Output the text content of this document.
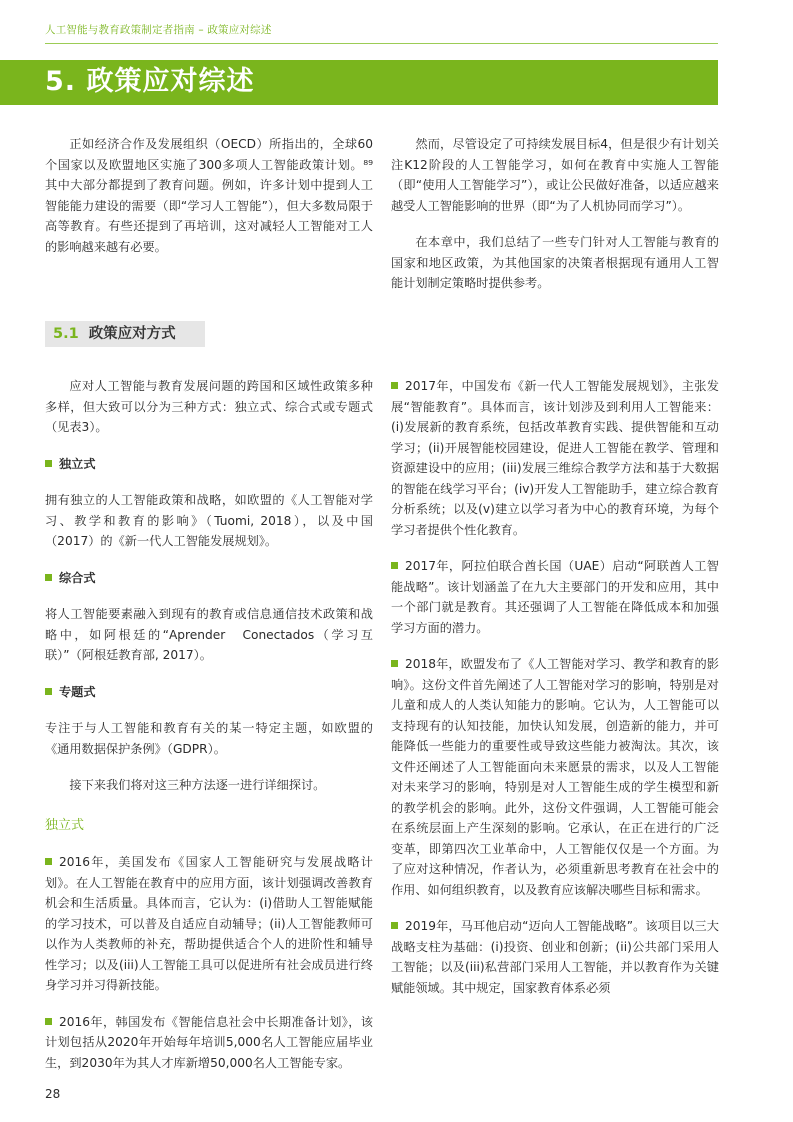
人工智能与教育政策制定者指南 – 政策应对综述
5. 政策应对综述

正如经济合作及发展组织（OECD）所指出的，全球60个国家以及欧盟地区实施了300多项人工智能政策计划。⁸⁹ 其中大部分都提到了教育问题。例如，许多计划中提到人工智能能力建设的需要（即“学习人工智能”），但大多数局限于高等教育。有些还提到了再培训，这对减轻人工智能对工人的影响越来越有必要。

然而，尽管设定了可持续发展目标4，但是很少有计划关注K12阶段的人工智能学习，如何在教育中实施人工智能（即“使用人工智能学习”），或让公民做好准备，以适应越来越受人工智能影响的世界（即“为了人机协同而学习”）。

在本章中，我们总结了一些专门针对人工智能与教育的国家和地区政策，为其他国家的决策者根据现有通用人工智能计划制定策略时提供参考。

5.1 政策应对方式

应对人工智能与教育发展问题的跨国和区域性政策多种多样，但大致可以分为三种方式：独立式、综合式或专题式（见表3）。

独立式

拥有独立的人工智能政策和战略，如欧盟的《人工智能对学习、教学和教育的影响》（Tuomi, 2018），以及中国（2017）的《新一代人工智能发展规划》。

综合式

将人工智能要素融入到现有的教育或信息通信技术政策和战略中，如阿根廷的“Aprender　Conectados（学习互联）”（阿根廷教育部, 2017）。

专题式

专注于与人工智能和教育有关的某一特定主题，如欧盟的《通用数据保护条例》（GDPR）。

接下来我们将对这三种方法逐一进行详细探讨。

独立式

2016年，美国发布《国家人工智能研究与发展战略计划》。在人工智能在教育中的应用方面，该计划强调改善教育机会和生活质量。具体而言，它认为：(i)借助人工智能赋能的学习技术，可以普及自适应自动辅导；(ii)人工智能教师可以作为人类教师的补充，帮助提供适合个人的进阶性和辅导性学习；以及(iii)人工智能工具可以促进所有社会成员进行终身学习并习得新技能。

2016年，韩国发布《智能信息社会中长期准备计划》，该计划包括从2020年开始每年培训5,000名人工智能应届毕业生，到2030年为其人才库新增50,000名人工智能专家。

2017年，中国发布《新一代人工智能发展规划》，主张发展“智能教育”。具体而言，该计划涉及到利用人工智能来：(i)发展新的教育系统，包括改革教育实践、提供智能和互动学习；(ii)开展智能校园建设，促进人工智能在教学、管理和资源建设中的应用；(iii)发展三维综合教学方法和基于大数据的智能在线学习平台；(iv)开发人工智能助手，建立综合教育分析系统；以及(v)建立以学习者为中心的教育环境，为每个学习者提供个性化教育。

2017年，阿拉伯联合酋长国（UAE）启动“阿联酋人工智能战略”。该计划涵盖了在九大主要部门的开发和应用，其中一个部门就是教育。其还强调了人工智能在降低成本和加强学习方面的潜力。

2018年，欧盟发布了《人工智能对学习、教学和教育的影响》。这份文件首先阐述了人工智能对学习的影响，特别是对儿童和成人的人类认知能力的影响。它认为，人工智能可以支持现有的认知技能，加快认知发展，创造新的能力，并可能降低一些能力的重要性或导致这些能力被淘汰。其次，该文件还阐述了人工智能面向未来愿景的需求，以及人工智能对未来学习的影响，特别是对人工智能生成的学生模型和新的教学机会的影响。此外，这份文件强调，人工智能可能会在系统层面上产生深刻的影响。它承认，在正在进行的广泛变革，即第四次工业革命中，人工智能仅仅是一个方面。为了应对这种情况，作者认为，必须重新思考教育在社会中的作用、如何组织教育，以及教育应该解决哪些目标和需求。

2019年，马耳他启动“迈向人工智能战略”。该项目以三大战略支柱为基础：(i)投资、创业和创新；(ii)公共部门采用人工智能；以及(iii)私营部门采用人工智能，并以教育作为关键赋能领域。其中规定，国家教育体系必须

28
